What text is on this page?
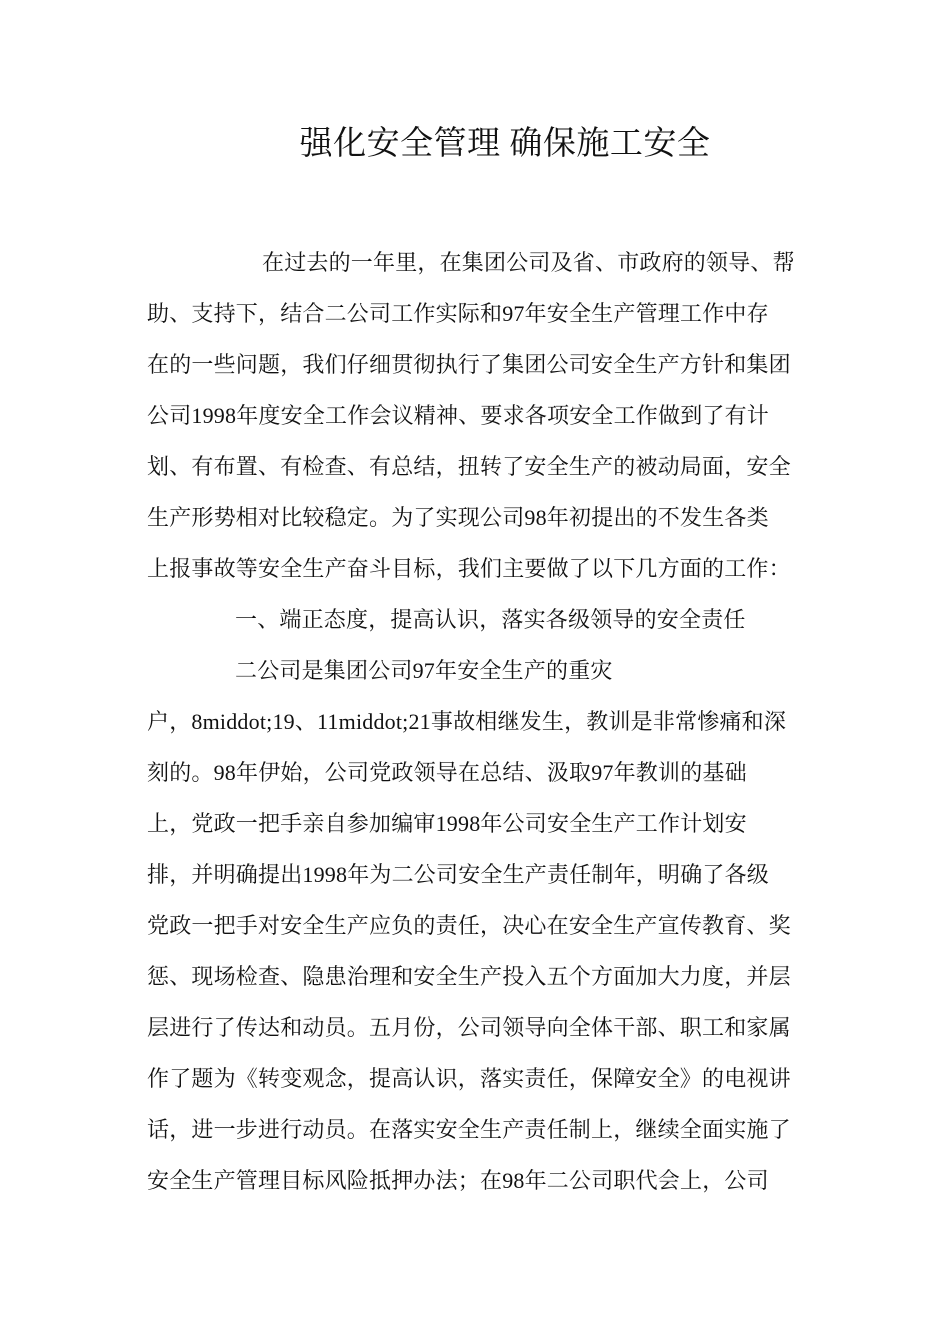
强化安全管理 确保施工安全
在过去的一年里，在集团公司及省、市政府的领导、帮
助、支持下，结合二公司工作实际和97年安全生产管理工作中存
在的一些问题，我们仔细贯彻执行了集团公司安全生产方针和集团
公司1998年度安全工作会议精神、要求各项安全工作做到了有计
划、有布置、有检查、有总结，扭转了安全生产的被动局面，安全
生产形势相对比较稳定。为了实现公司98年初提出的不发生各类
上报事故等安全生产奋斗目标，我们主要做了以下几方面的工作：
一、端正态度，提高认识，落实各级领导的安全责任
二公司是集团公司97年安全生产的重灾
户，8middot;19、11middot;21事故相继发生，教训是非常惨痛和深
刻的。98年伊始，公司党政领导在总结、汲取97年教训的基础
上，党政一把手亲自参加编审1998年公司安全生产工作计划安
排，并明确提出1998年为二公司安全生产责任制年，明确了各级
党政一把手对安全生产应负的责任，决心在安全生产宣传教育、奖
惩、现场检查、隐患治理和安全生产投入五个方面加大力度，并层
层进行了传达和动员。五月份，公司领导向全体干部、职工和家属
作了题为《转变观念，提高认识，落实责任，保障安全》的电视讲
话，进一步进行动员。在落实安全生产责任制上，继续全面实施了
安全生产管理目标风险抵押办法；在98年二公司职代会上，公司
